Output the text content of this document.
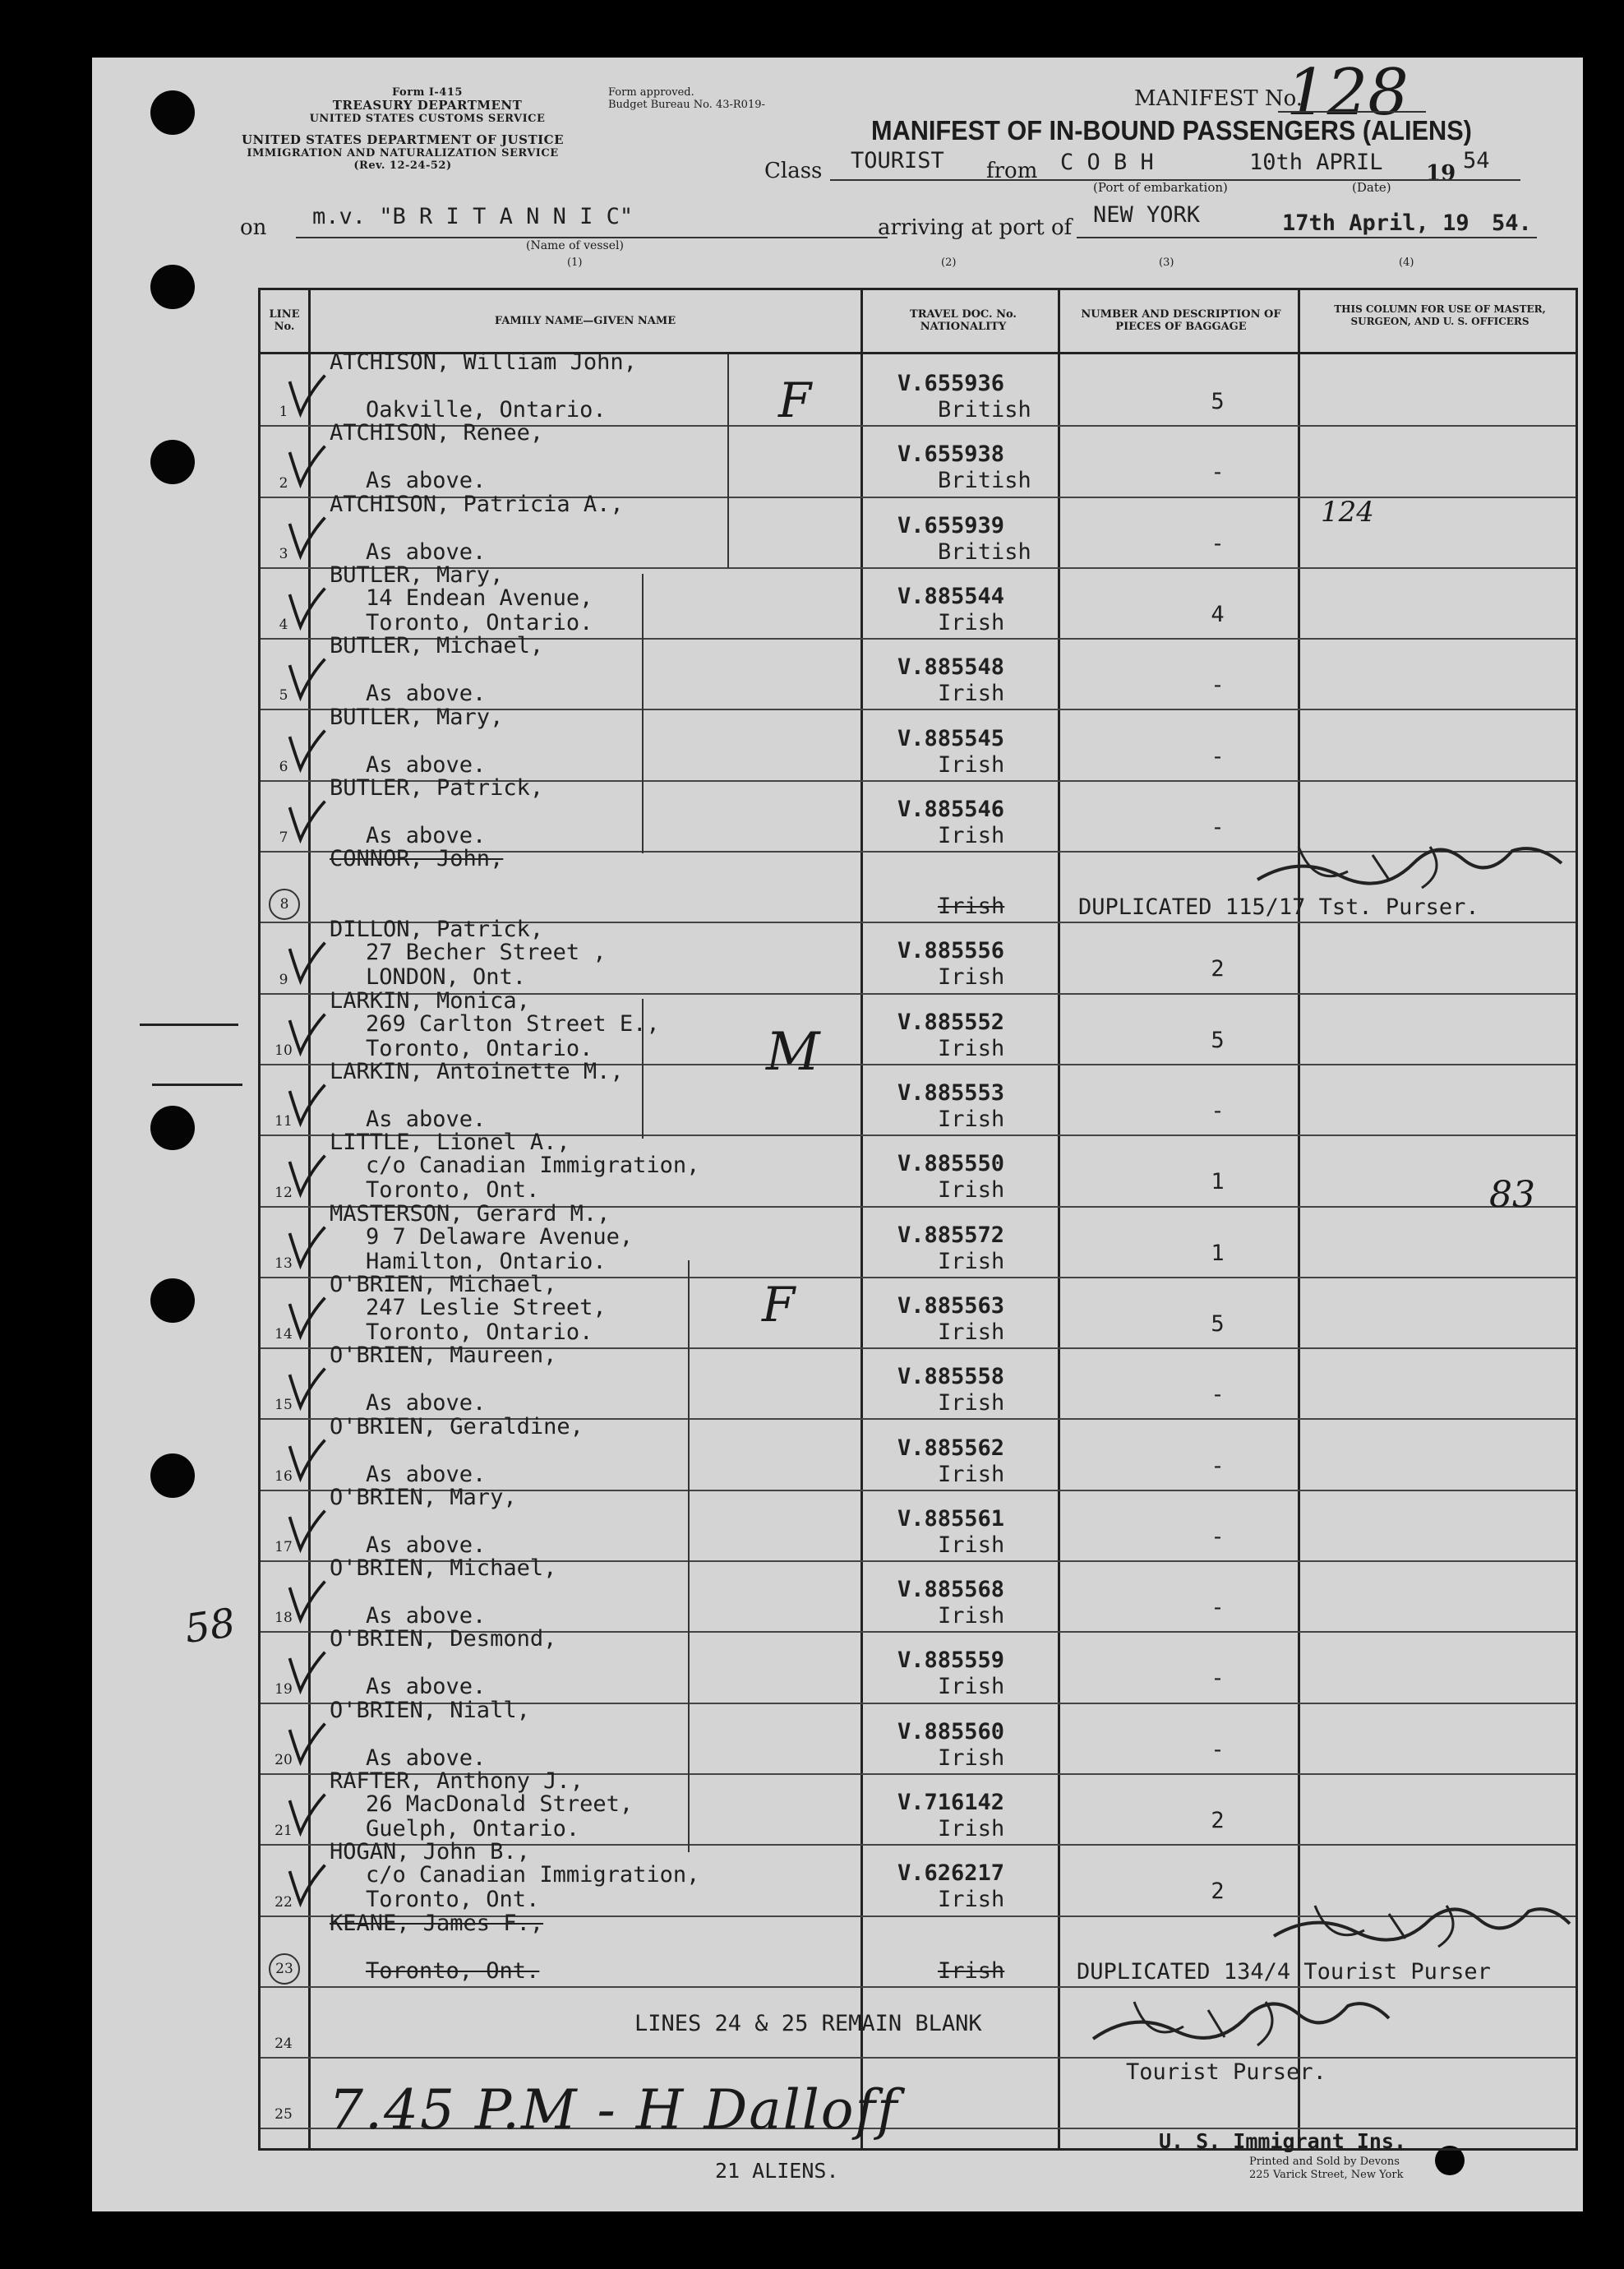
58
Form I-415
TREASURY DEPARTMENT
UNITED STATES CUSTOMS SERVICE
Form approved.
Budget Bureau No. 43-R019-
UNITED STATES DEPARTMENT OF JUSTICE
IMMIGRATION AND NATURALIZATION SERVICE
(Rev. 12-24-52)
MANIFEST No.
128
MANIFEST OF IN-BOUND PASSENGERS (ALIENS)
Class TOURIST from C O B H	10th APRIL 19 54
(Port of embarkation)	(Date)
on m.v. "B R I T A N N I C"	arriving at port of NEW YORK	17th April, 19 54.
(Name of vessel)
(1)	(2)	(3)	(4)
LINE No.	FAMILY NAME—GIVEN NAME
TRAVEL DOC. No. NATIONALITY
NUMBER AND DESCRIPTION OF PIECES OF BAGGAGE
THIS COLUMN FOR USE OF MASTER, SURGEON, AND U. S. OFFICERS
1
ATCHISON, William John,
Oakville, Ontario.
V.655936
British	5
2
ATCHISON, Renee,
As above.
V.655938
British	-
3
ATCHISON, Patricia A.,
As above.
V.655939
British	-
4
BUTLER, Mary,
14 Endean Avenue,
Toronto, Ontario.
V.885544
Irish	4
5
BUTLER, Michael,
As above.
V.885548
Irish	-
6
BUTLER, Mary,
As above.
V.885545
Irish	-
7
BUTLER, Patrick,
As above.
V.885546
Irish	-
8
CONNOR, John,
Irish
9
DILLON, Patrick,
27 Becher Street ,
LONDON, Ont.
V.885556
Irish	2
10
LARKIN, Monica,
269 Carlton Street E.,
Toronto, Ontario.
V.885552
Irish	5
11
LARKIN, Antoinette M.,
As above.
V.885553
Irish	-
12
LITTLE, Lionel A.,
c/o Canadian Immigration,
Toronto, Ont.
V.885550
Irish	1
13
MASTERSON, Gerard M.,
9 7 Delaware Avenue,
Hamilton, Ontario.
V.885572
Irish	1
14
O'BRIEN, Michael,
247 Leslie Street,
Toronto, Ontario.
V.885563
Irish	5
15
O'BRIEN, Maureen,
As above.
V.885558
Irish	-
16
O'BRIEN, Geraldine,
As above.
V.885562
Irish	-
17
O'BRIEN, Mary,
As above.
V.885561
Irish	-
18
O'BRIEN, Michael,
As above.
V.885568
Irish	-
19
O'BRIEN, Desmond,
As above.
V.885559
Irish	-
20
O'BRIEN, Niall,
As above.
V.885560
Irish	-
21
RAFTER, Anthony J.,
26 MacDonald Street,
Guelph, Ontario.
V.716142
Irish	2
22
HOGAN, John B.,
c/o Canadian Immigration,
Toronto, Ont.
V.626217
Irish	2
23
KEANE, James F.,
Toronto, Ont.	Irish
24
25
F
M
F
124
83
DUPLICATED 115/17 Tst. Purser.
DUPLICATED 134/4 Tourist Purser
LINES 24 & 25 REMAIN BLANK
Tourist Purser.
7.45 P.M - H Dalloff	U. S. Immigrant Ins.
Printed and Sold by Devons
225 Varick Street, New York
21 ALIENS.
